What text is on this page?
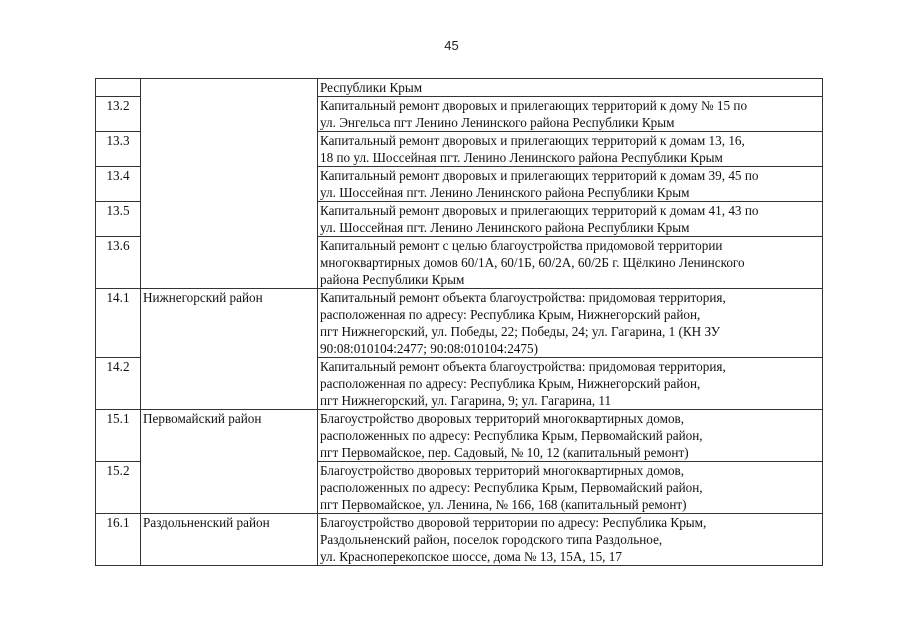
45
		Республики Крым
13.2		Капитальный ремонт дворовых и прилегающих территорий к дому № 15 по
ул. Энгельса пгт Ленино Ленинского района Республики Крым
13.3		Капитальный ремонт дворовых и прилегающих территорий к домам 13, 16,
18 по ул. Шоссейная пгт. Ленино Ленинского района Республики Крым
13.4		Капитальный ремонт дворовых и прилегающих территорий к домам 39, 45 по
ул. Шоссейная пгт. Ленино Ленинского района Республики Крым
13.5		Капитальный ремонт дворовых и прилегающих территорий к домам 41, 43 по
ул. Шоссейная пгт. Ленино Ленинского района Республики Крым
13.6		Капитальный ремонт с целью благоустройства придомовой территории
многоквартирных домов 60/1А, 60/1Б, 60/2А, 60/2Б г. Щёлкино Ленинского
района Республики Крым
14.1	Нижнегорский район	Капитальный ремонт объекта благоустройства: придомовая территория,
расположенная по адресу: Республика Крым, Нижнегорский район,
пгт Нижнегорский, ул. Победы, 22; Победы, 24; ул. Гагарина, 1 (КН ЗУ
90:08:010104:2477; 90:08:010104:2475)
14.2		Капитальный ремонт объекта благоустройства: придомовая территория,
расположенная по адресу: Республика Крым, Нижнегорский район,
пгт Нижнегорский, ул. Гагарина, 9; ул. Гагарина, 11
15.1	Первомайский район	Благоустройство дворовых территорий многоквартирных домов,
расположенных по адресу: Республика Крым, Первомайский район,
пгт Первомайское, пер. Садовый, № 10, 12 (капитальный ремонт)
15.2		Благоустройство дворовых территорий многоквартирных домов,
расположенных по адресу: Республика Крым, Первомайский район,
пгт Первомайское, ул. Ленина, № 166, 168 (капитальный ремонт)
16.1	Раздольненский район	Благоустройство дворовой территории по адресу: Республика Крым,
Раздольненский район, поселок городского типа Раздольное,
ул. Красноперекопское шоссе, дома № 13, 15А, 15, 17
